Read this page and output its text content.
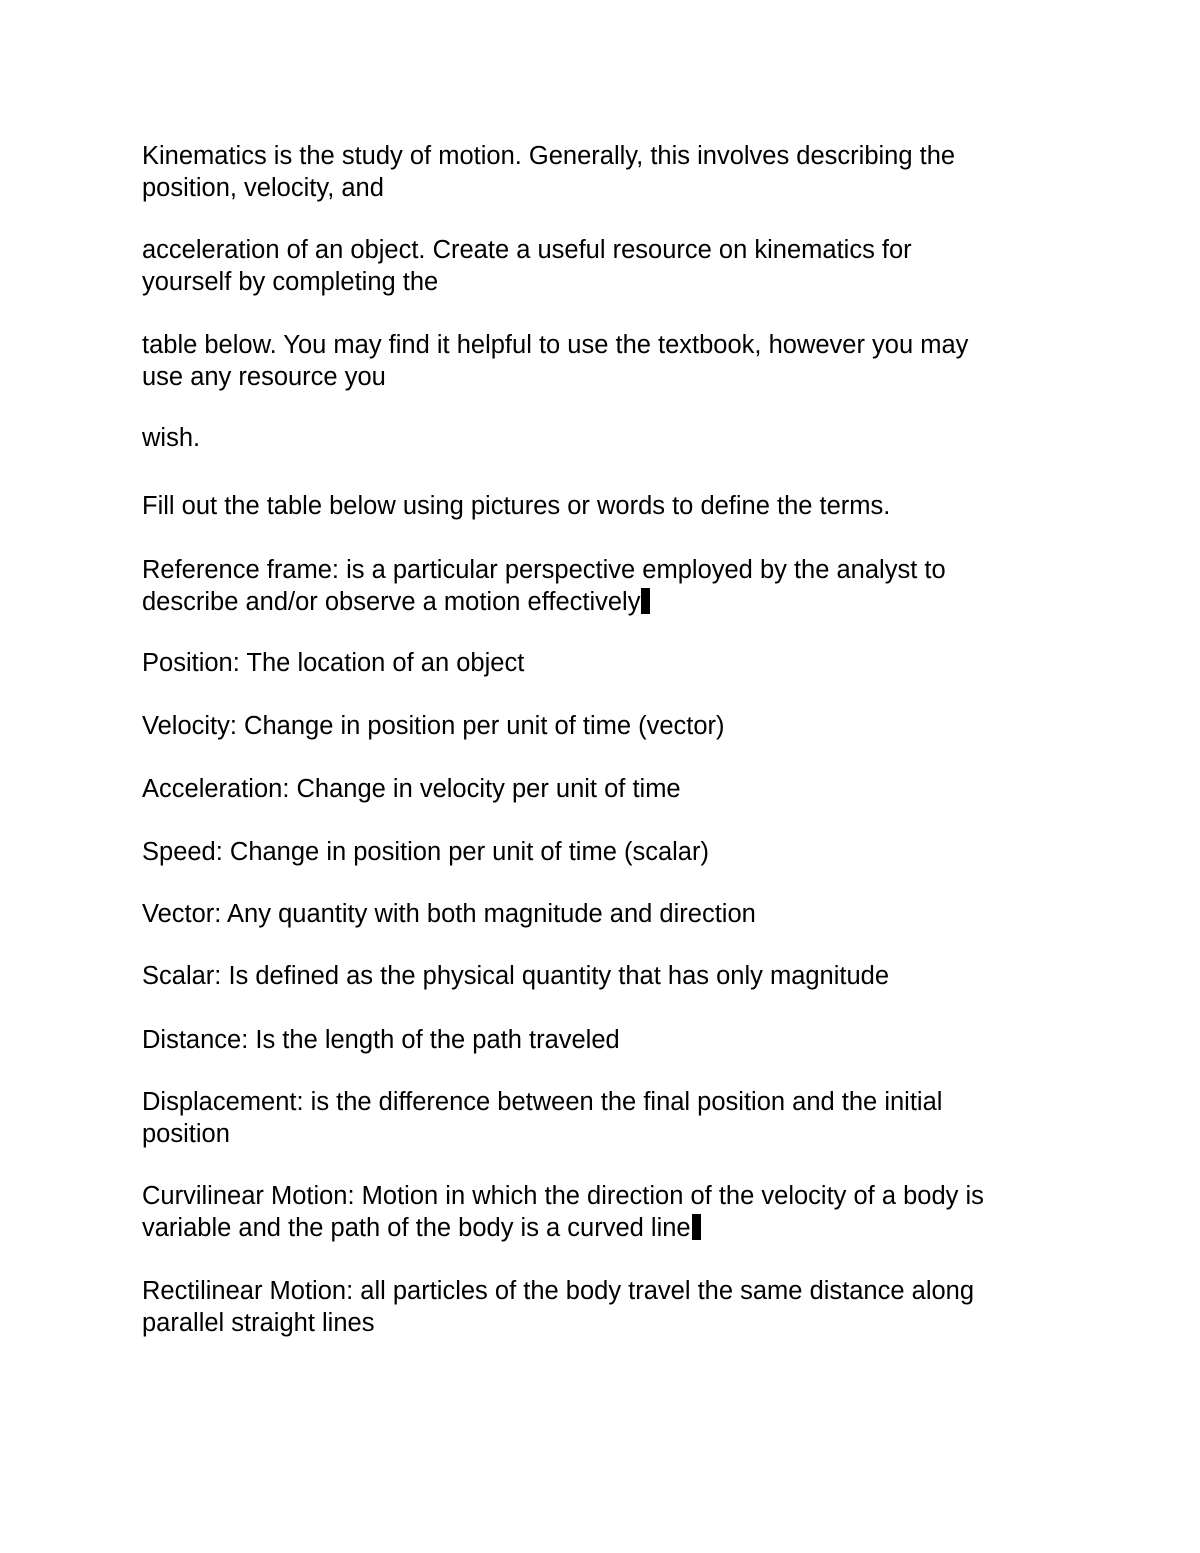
Kinematics is the study of motion. Generally, this involves describing the
position, velocity, and

acceleration of an object. Create a useful resource on kinematics for
yourself by completing the

table below. You may find it helpful to use the textbook, however you may
use any resource you

wish.

Fill out the table below using pictures or words to define the terms.

Reference frame: is a particular perspective employed by the analyst to
describe and/or observe a motion effectively

Position: The location of an object

Velocity: Change in position per unit of time (vector)

Acceleration: Change in velocity per unit of time

Speed: Change in position per unit of time (scalar)

Vector: Any quantity with both magnitude and direction

Scalar: Is defined as the physical quantity that has only magnitude

Distance: Is the length of the path traveled

Displacement: is the difference between the final position and the initial
position

Curvilinear Motion: Motion in which the direction of the velocity of a body is
variable and the path of the body is a curved line

Rectilinear Motion: all particles of the body travel the same distance along
parallel straight lines
